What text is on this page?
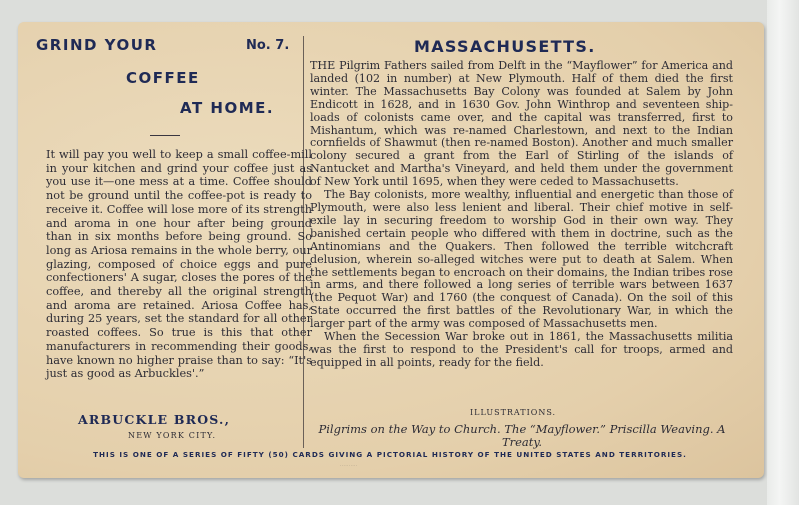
GRIND YOUR	No. 7.
COFFEE
AT HOME.
It will pay you well to keep a small coffee-mill in your kitchen and grind your coffee just as you use it—one mess at a time. Coffee should not be ground until the coffee-pot is ready to receive it. Coffee will lose more of its strength and aroma in one hour after being ground than in six months before being ground. So long as Ariosa remains in the whole berry, our glazing, composed of choice eggs and pure confectioners' A sugar, closes the pores of the coffee, and thereby all the original strength and aroma are retained. Ariosa Coffee has, during 25 years, set the standard for all other roasted coffees. So true is this that other manufacturers in recommending their goods, have known no higher praise than to say: “It's just as good as Arbuckles'.”
ARBUCKLE BROS.,
NEW YORK CITY.
MASSACHUSETTS.

THE Pilgrim Fathers sailed from Delft in the “Mayflower” for America and landed (102 in number) at New Plymouth. Half of them died the first winter. The Massachusetts Bay Colony was founded at Salem by John Endicott in 1628, and in 1630 Gov. John Winthrop and seventeen ship-loads of colonists came over, and the capital was transferred, first to Mishantum, which was re-named Charlestown, and next to the Indian cornfields of Shawmut (then re-named Boston). Another and much smaller colony secured a grant from the Earl of Stirling of the islands of Nantucket and Martha's Vineyard, and held them under the government of New York until 1695, when they were ceded to Massachusetts.

The Bay colonists, more wealthy, influential and energetic than those of Plymouth, were also less lenient and liberal. Their chief motive in self-exile lay in securing freedom to worship God in their own way. They banished certain people who differed with them in doctrine, such as the Antinomians and the Quakers. Then followed the terrible witchcraft delusion, wherein so-alleged witches were put to death at Salem. When the settlements began to encroach on their domains, the Indian tribes rose in arms, and there followed a long series of terrible wars between 1637 (the Pequot War) and 1760 (the conquest of Canada). On the soil of this State occurred the first battles of the Revolutionary War, in which the larger part of the army was composed of Massachusetts men.

When the Secession War broke out in 1861, the Massachusetts militia was the first to respond to the President's call for troops, armed and equipped in all points, ready for the field.

ILLUSTRATIONS.
Pilgrims on the Way to Church. The “Mayflower.” Priscilla Weaving. A Treaty.
THIS IS ONE OF A SERIES OF FIFTY (50) CARDS GIVING A PICTORIAL HISTORY OF THE UNITED STATES AND TERRITORIES.
··········
